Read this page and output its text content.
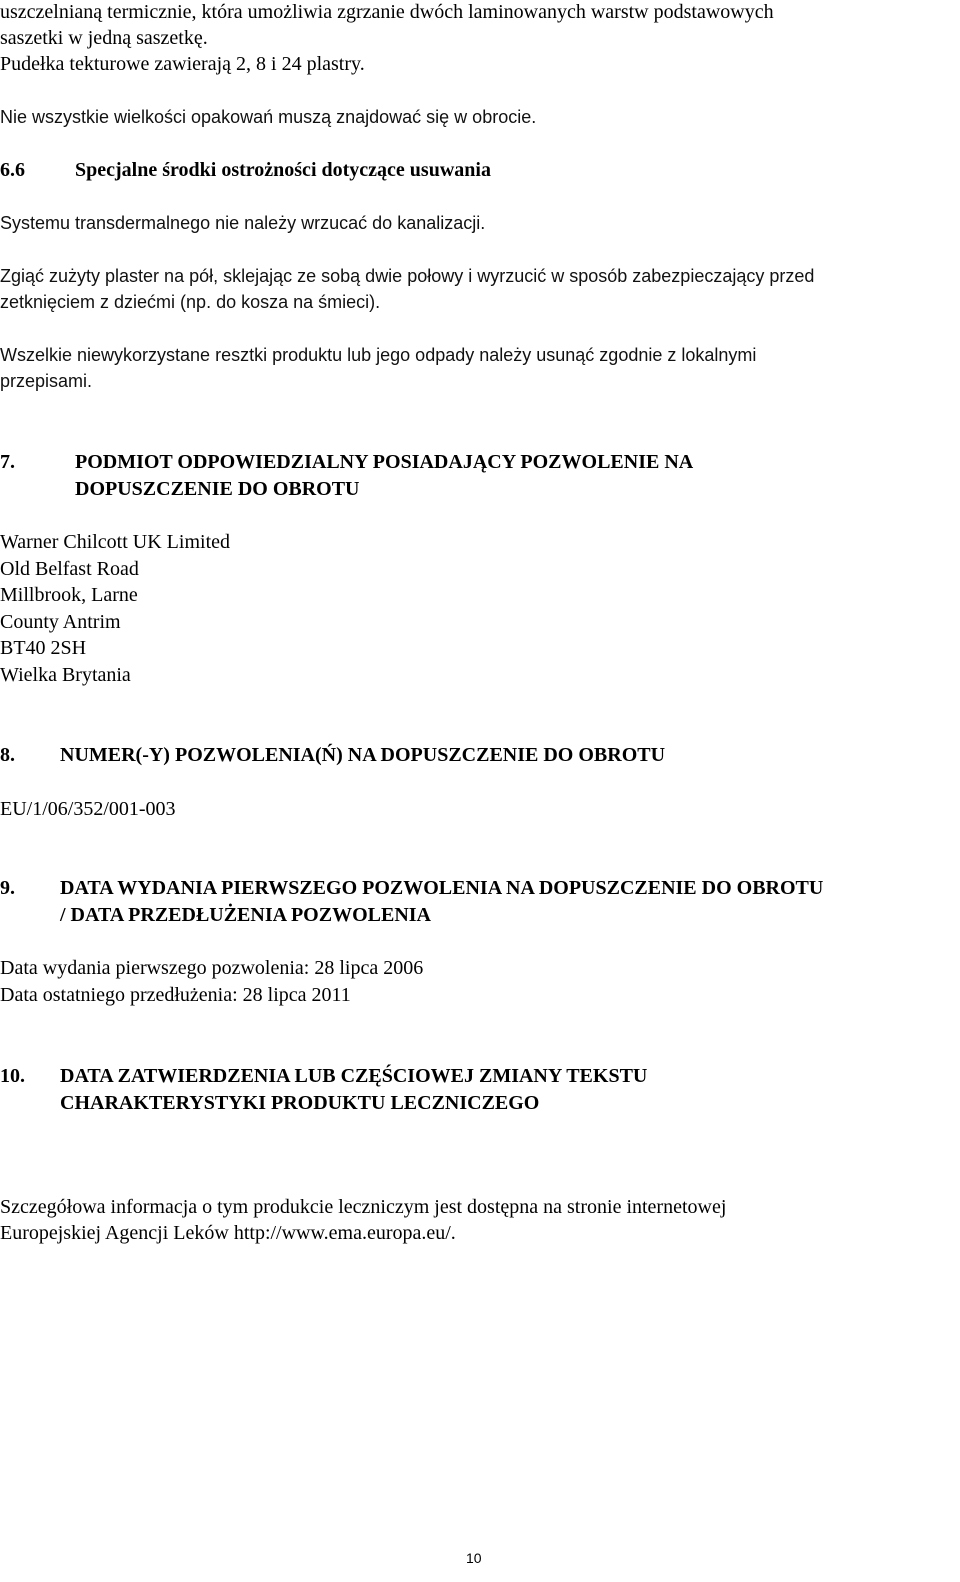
uszczelnianą termicznie, która umożliwia zgrzanie dwóch laminowanych warstw podstawowych

saszetki w jedną saszetkę.

Pudełka tekturowe zawierają 2, 8 i 24 plastry.

Nie wszystkie wielkości opakowań muszą znajdować się w obrocie.

6.6	Specjalne środki ostrożności dotyczące usuwania

Systemu transdermalnego nie należy wrzucać do kanalizacji.

Zgiąć zużyty plaster na pół, sklejając ze sobą dwie połowy i wyrzucić w sposób zabezpieczający przed

zetknięciem z dziećmi (np. do kosza na śmieci).

Wszelkie niewykorzystane resztki produktu lub jego odpady należy usunąć zgodnie z lokalnymi

przepisami.

7.	PODMIOT ODPOWIEDZIALNY POSIADAJĄCY POZWOLENIE NA

DOPUSZCZENIE DO OBROTU

Warner Chilcott UK Limited

Old Belfast Road

Millbrook, Larne

County Antrim

BT40 2SH

Wielka Brytania

8. NUMER(-Y) POZWOLENIA(Ń) NA DOPUSZCZENIE DO OBROTU

EU/1/06/352/001-003

9. DATA WYDANIA PIERWSZEGO POZWOLENIA NA DOPUSZCZENIE DO OBROTU

/ DATA PRZEDŁUŻENIA POZWOLENIA

Data wydania pierwszego pozwolenia: 28 lipca 2006

Data ostatniego przedłużenia: 28 lipca 2011

10. DATA ZATWIERDZENIA LUB CZĘŚCIOWEJ ZMIANY TEKSTU

CHARAKTERYSTYKI PRODUKTU LECZNICZEGO

Szczegółowa informacja o tym produkcie leczniczym jest dostępna na stronie internetowej

Europejskiej Agencji Leków http://www.ema.europa.eu/.

10
